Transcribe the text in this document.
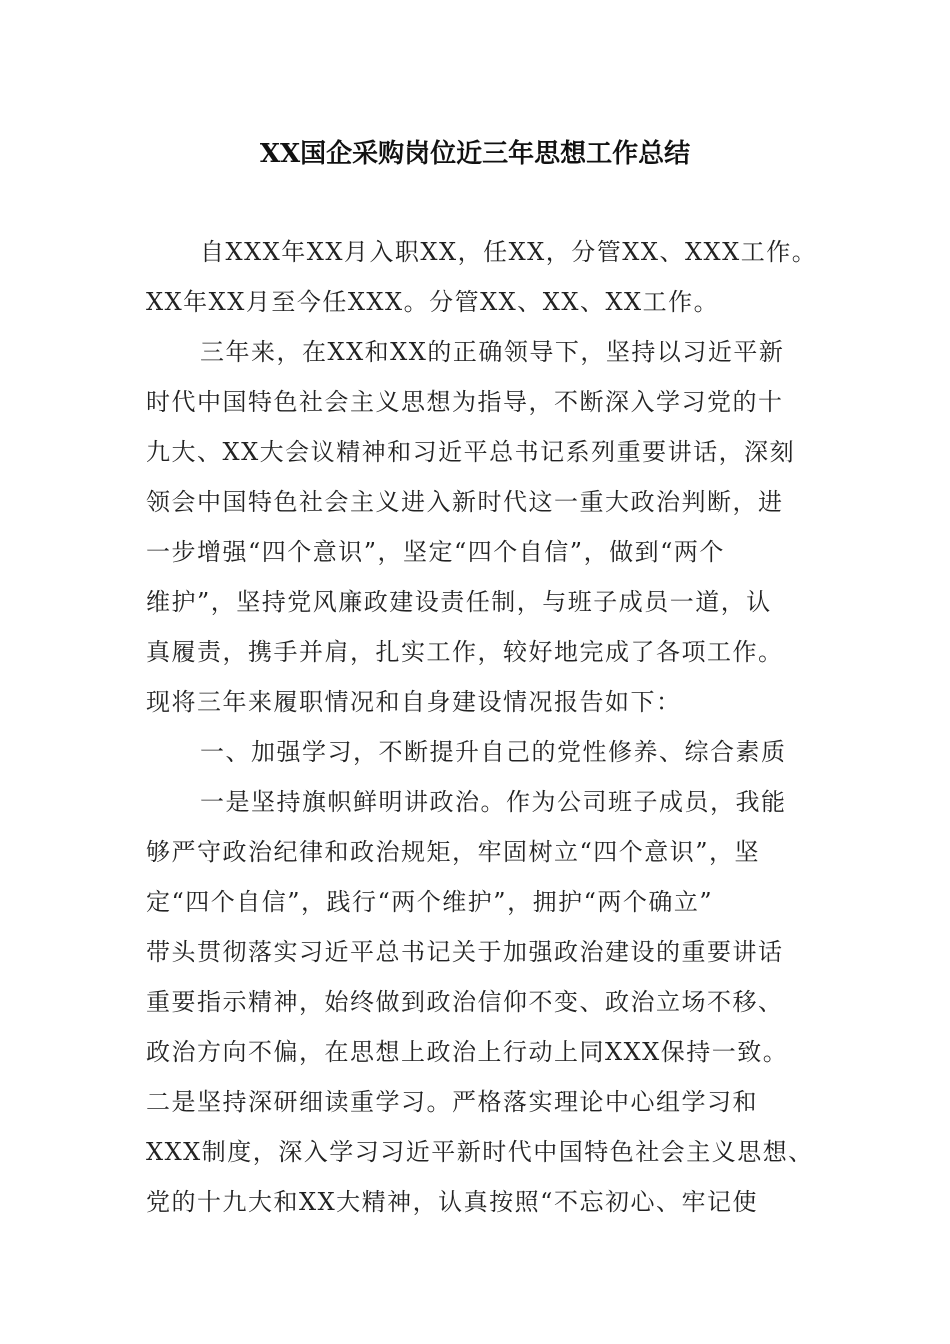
XX国企采购岗位近三年思想工作总结
自XXX年XX月入职XX，任XX，分管XX、XXX工作。
XX年XX月至今任XXX。分管XX、XX、XX工作。
三年来，在XX和XX的正确领导下，坚持以习近平新
时代中国特色社会主义思想为指导，不断深入学习党的十
九大、XX大会议精神和习近平总书记系列重要讲话，深刻
领会中国特色社会主义进入新时代这一重大政治判断，进
一步增强“四个意识”，坚定“四个自信”，做到“两个
维护”，坚持党风廉政建设责任制，与班子成员一道，认
真履责，携手并肩，扎实工作，较好地完成了各项工作。
现将三年来履职情况和自身建设情况报告如下：
一、加强学习，不断提升自己的党性修养、综合素质
一是坚持旗帜鲜明讲政治。作为公司班子成员，我能
够严守政治纪律和政治规矩，牢固树立“四个意识”，坚
定“四个自信”，践行“两个维护”，拥护“两个确立”
带头贯彻落实习近平总书记关于加强政治建设的重要讲话
重要指示精神，始终做到政治信仰不变、政治立场不移、
政治方向不偏，在思想上政治上行动上同XXX保持一致。
二是坚持深研细读重学习。严格落实理论中心组学习和
XXX制度，深入学习习近平新时代中国特色社会主义思想、
党的十九大和XX大精神，认真按照“不忘初心、牢记使
